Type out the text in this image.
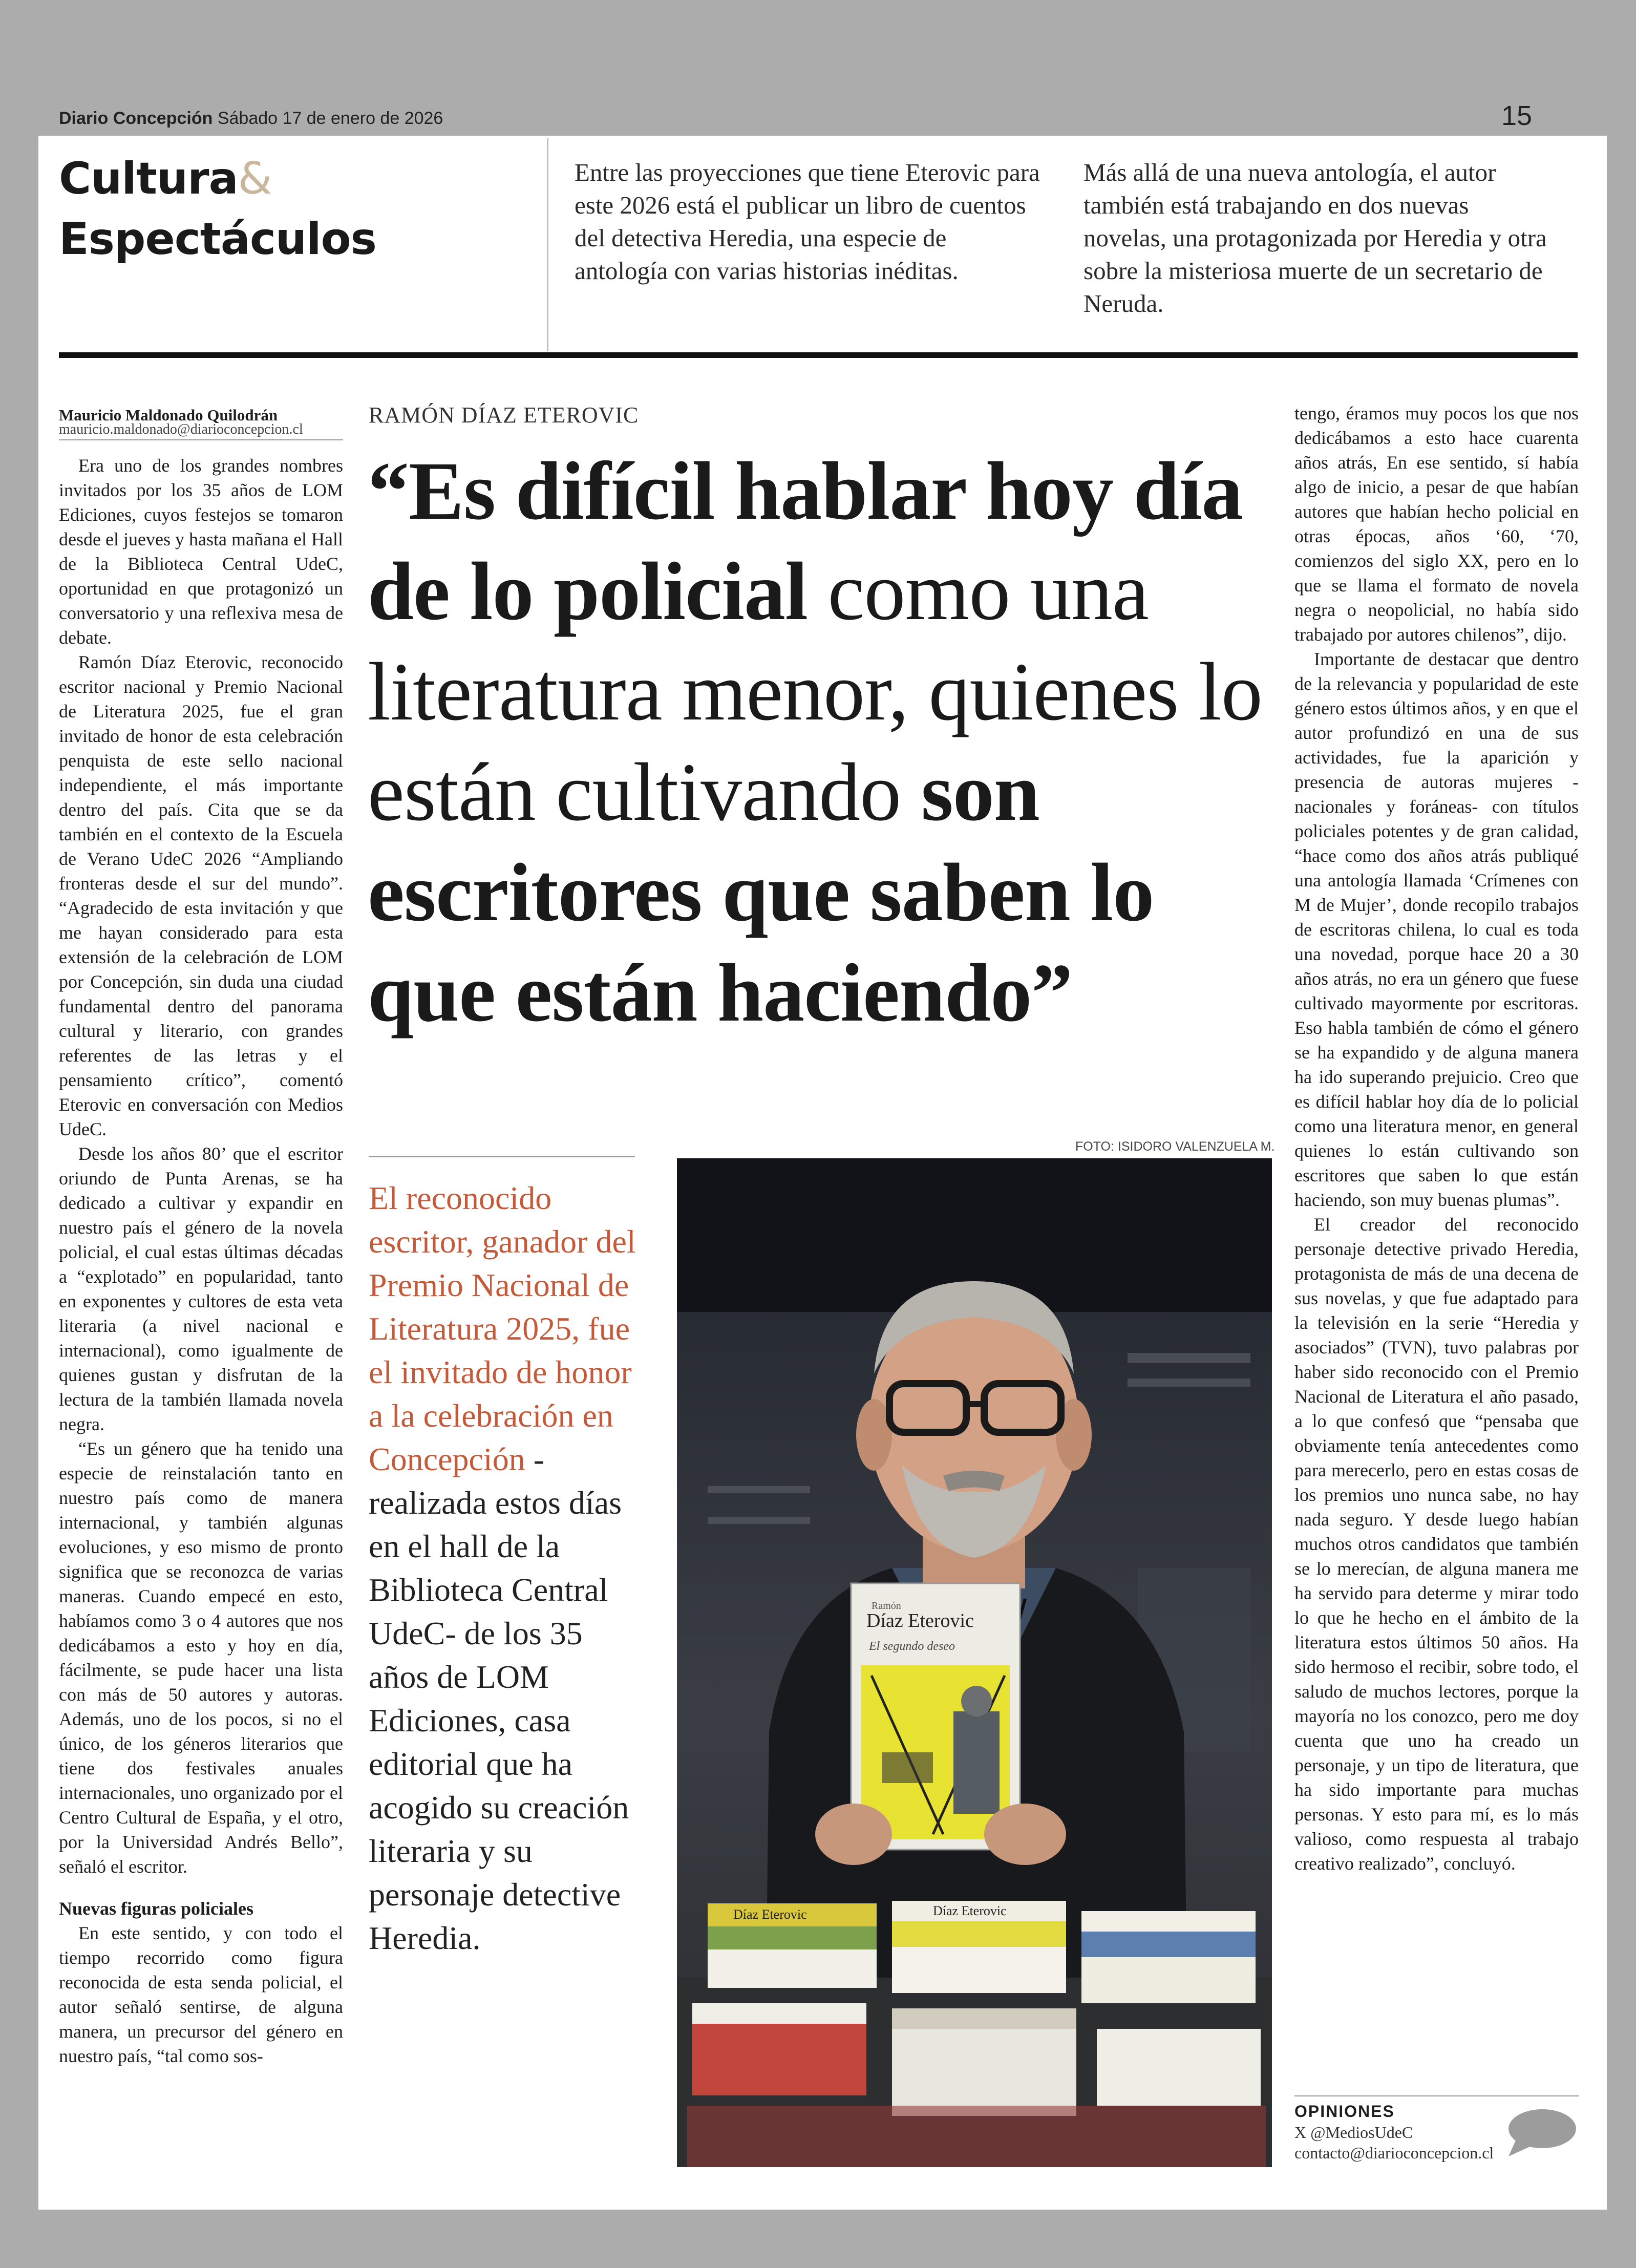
Diario Concepción Sábado 17 de enero de 2026	15
Cultura&
Espectáculos
Entre las proyecciones que tiene Eterovic para este 2026 está el publicar un libro de cuentos del detectiva Heredia, una especie de antología con varias historias inéditas.
Más allá de una nueva antología, el autor también está trabajando en dos nuevas novelas, una protagonizada por Heredia y otra sobre la misteriosa muerte de un secretario de Neruda.
Mauricio Maldonado Quilodrán
mauricio.maldonado@diarioconcepcion.cl

Era uno de los grandes nombres invitados por los 35 años de LOM Ediciones, cuyos festejos se tomaron desde el jueves y hasta mañana el Hall de la Biblioteca Central UdeC, oportunidad en que protagonizó un conversatorio y una reflexiva mesa de debate.

Ramón Díaz Eterovic, reconocido escritor nacional y Premio Nacional de Literatura 2025, fue el gran invitado de honor de esta celebración penquista de este sello nacional independiente, el más importante dentro del país. Cita que se da también en el contexto de la Escuela de Verano UdeC 2026 “Ampliando fronteras desde el sur del mundo”. “Agradecido de esta invitación y que me hayan considerado para esta extensión de la celebración de LOM por Concepción, sin duda una ciudad fundamental dentro del panorama cultural y literario, con grandes referentes de las letras y el pensamiento crítico”, comentó Eterovic en conversación con Medios UdeC.

Desde los años 80’ que el escritor oriundo de Punta Arenas, se ha dedicado a cultivar y expandir en nuestro país el género de la novela policial, el cual estas últimas décadas a “explotado” en popularidad, tanto en exponentes y cultores de esta veta literaria (a nivel nacional e internacional), como igualmente de quienes gustan y disfrutan de la lectura de la también llamada novela negra.

“Es un género que ha tenido una especie de reinstalación tanto en nuestro país como de manera internacional, y también algunas evoluciones, y eso mismo de pronto significa que se reconozca de varias maneras. Cuando empecé en esto, habíamos como 3 o 4 autores que nos dedicábamos a esto y hoy en día, fácilmente, se pude hacer una lista con más de 50 autores y autoras. Además, uno de los pocos, si no el único, de los géneros literarios que tiene dos festivales anuales internacionales, uno organizado por el Centro Cultural de España, y el otro, por la Universidad Andrés Bello”, señaló el escritor.

Nuevas figuras policiales

En este sentido, y con todo el tiempo recorrido como figura reconocida de esta senda policial, el autor señaló sentirse, de alguna manera, un precursor del género en nuestro país, “tal como sos-

RAMÓN DÍAZ ETEROVIC
“Es difícil hablar hoy día de lo policial como una literatura menor, quienes lo están cultivando son escritores que saben lo que están haciendo”
FOTO: ISIDORO VALENZUELA M.
El reconocido escritor, ganador del Premio Nacional de Literatura 2025, fue el invitado de honor a la celebración en Concepción -realizada estos días en el hall de la Biblioteca Central UdeC- de los 35 años de LOM Ediciones, casa editorial que ha acogido su creación literaria y su personaje detective Heredia.
Ramón
Díaz Eterovic
El segundo deseo
Díaz Eterovic	Díaz Eterovic

tengo, éramos muy pocos los que nos dedicábamos a esto hace cuarenta años atrás, En ese sentido, sí había algo de inicio, a pesar de que habían autores que habían hecho policial en otras épocas, años ‘60, ‘70, comienzos del siglo XX, pero en lo que se llama el formato de novela negra o neopolicial, no había sido trabajado por autores chilenos”, dijo.

Importante de destacar que dentro de la relevancia y popularidad de este género estos últimos años, y en que el autor profundizó en una de sus actividades, fue la aparición y presencia de autoras mujeres -nacionales y foráneas- con títulos policiales potentes y de gran calidad, “hace como dos años atrás publiqué una antología llamada ‘Crímenes con M de Mujer’, donde recopilo trabajos de escritoras chilena, lo cual es toda una novedad, porque hace 20 a 30 años atrás, no era un género que fuese cultivado mayormente por escritoras. Eso habla también de cómo el género se ha expandido y de alguna manera ha ido superando prejuicio. Creo que es difícil hablar hoy día de lo policial como una literatura menor, en general quienes lo están cultivando son escritores que saben lo que están haciendo, son muy buenas plumas”.

El creador del reconocido personaje detective privado Heredia, protagonista de más de una decena de sus novelas, y que fue adaptado para la televisión en la serie “Heredia y asociados” (TVN), tuvo palabras por haber sido reconocido con el Premio Nacional de Literatura el año pasado, a lo que confesó que “pensaba que obviamente tenía antecedentes como para merecerlo, pero en estas cosas de los premios uno nunca sabe, no hay nada seguro. Y desde luego habían muchos otros candidatos que también se lo merecían, de alguna manera me ha servido para determe y mirar todo lo que he hecho en el ámbito de la literatura estos últimos 50 años. Ha sido hermoso el recibir, sobre todo, el saludo de muchos lectores, porque la mayoría no los conozco, pero me doy cuenta que uno ha creado un personaje, y un tipo de literatura, que ha sido importante para muchas personas. Y esto para mí, es lo más valioso, como respuesta al trabajo creativo realizado”, concluyó.

OPINIONES
X @MediosUdeC
contacto@diarioconcepcion.cl
